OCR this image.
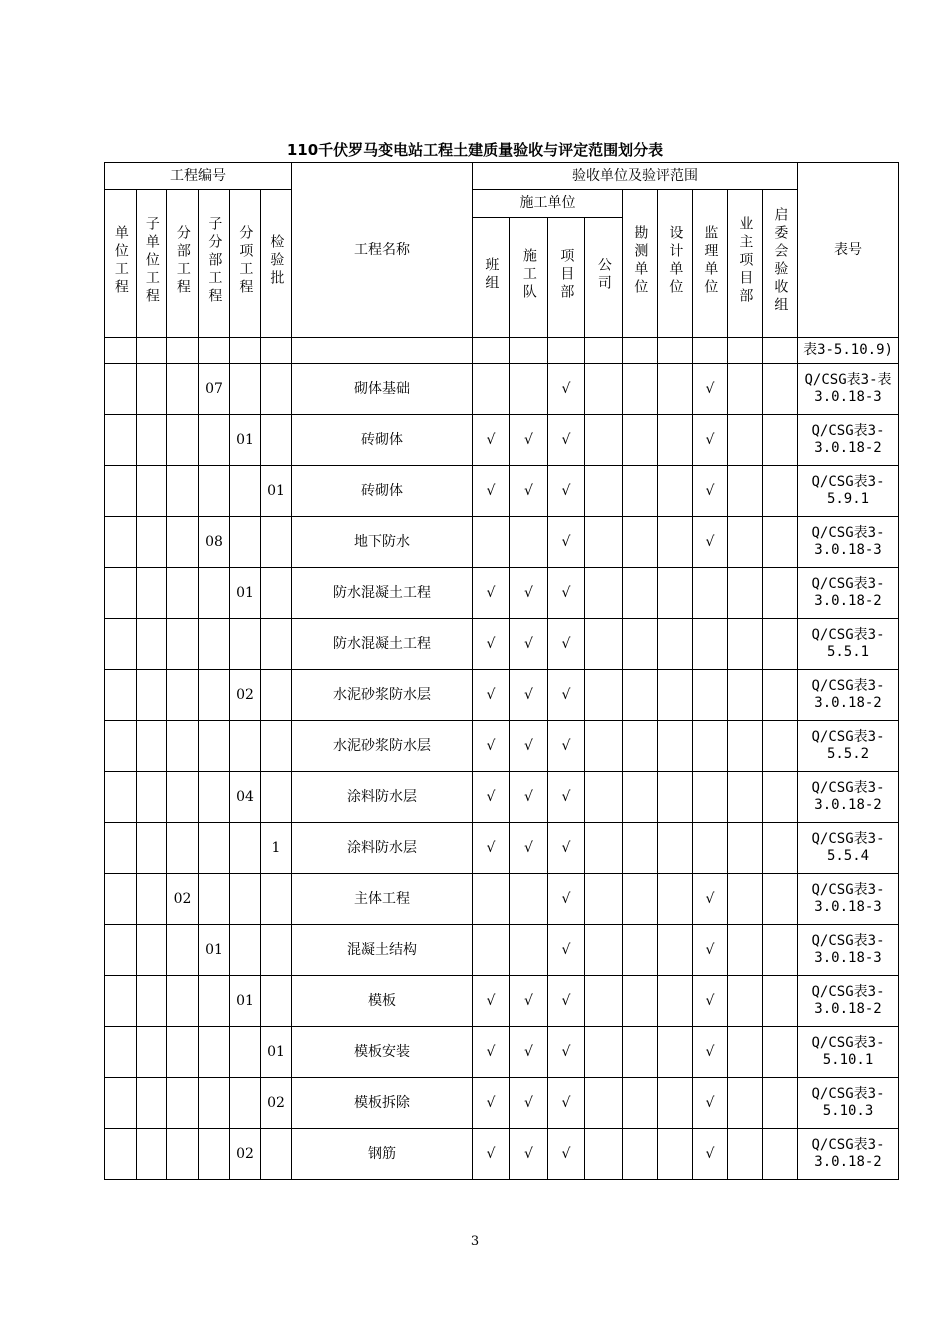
110千伏罗马变电站工程土建质量验收与评定范围划分表
工程编号						工程名称	验收单位及验评范围									表号
单位工程	子单位工程	分部工程	子分部工程	分项工程	检验批		施工单位				勘测单位	设计单位	监理单位	业主项目部	启委会验收组	
							班组	施工队	项目部	公司						
																表3-5.10.9)
			07			砌体基础			√				√			Q/CSG表3-表
3.0.18-3

				01		砖砌体	√	√	√				√			Q/CSG表3-
3.0.18-2

					01	砖砌体	√	√	√				√			Q/CSG表3-
5.9.1

			08			地下防水			√				√			Q/CSG表3-
3.0.18-3

				01		防水混凝土工程	√	√	√							Q/CSG表3-
3.0.18-2

						防水混凝土工程	√	√	√							Q/CSG表3-
5.5.1

				02		水泥砂浆防水层	√	√	√							Q/CSG表3-
3.0.18-2

						水泥砂浆防水层	√	√	√							Q/CSG表3-
5.5.2

				04		涂料防水层	√	√	√							Q/CSG表3-
3.0.18-2

					1	涂料防水层	√	√	√							Q/CSG表3-
5.5.4

		02				主体工程			√				√			Q/CSG表3-
3.0.18-3

			01			混凝土结构			√				√			Q/CSG表3-
3.0.18-3

				01		模板	√	√	√				√			Q/CSG表3-
3.0.18-2

					01	模板安装	√	√	√				√			Q/CSG表3-
5.10.1

					02	模板拆除	√	√	√				√			Q/CSG表3-
5.10.3

				02		钢筋	√	√	√				√			Q/CSG表3-
3.0.18-2
3
